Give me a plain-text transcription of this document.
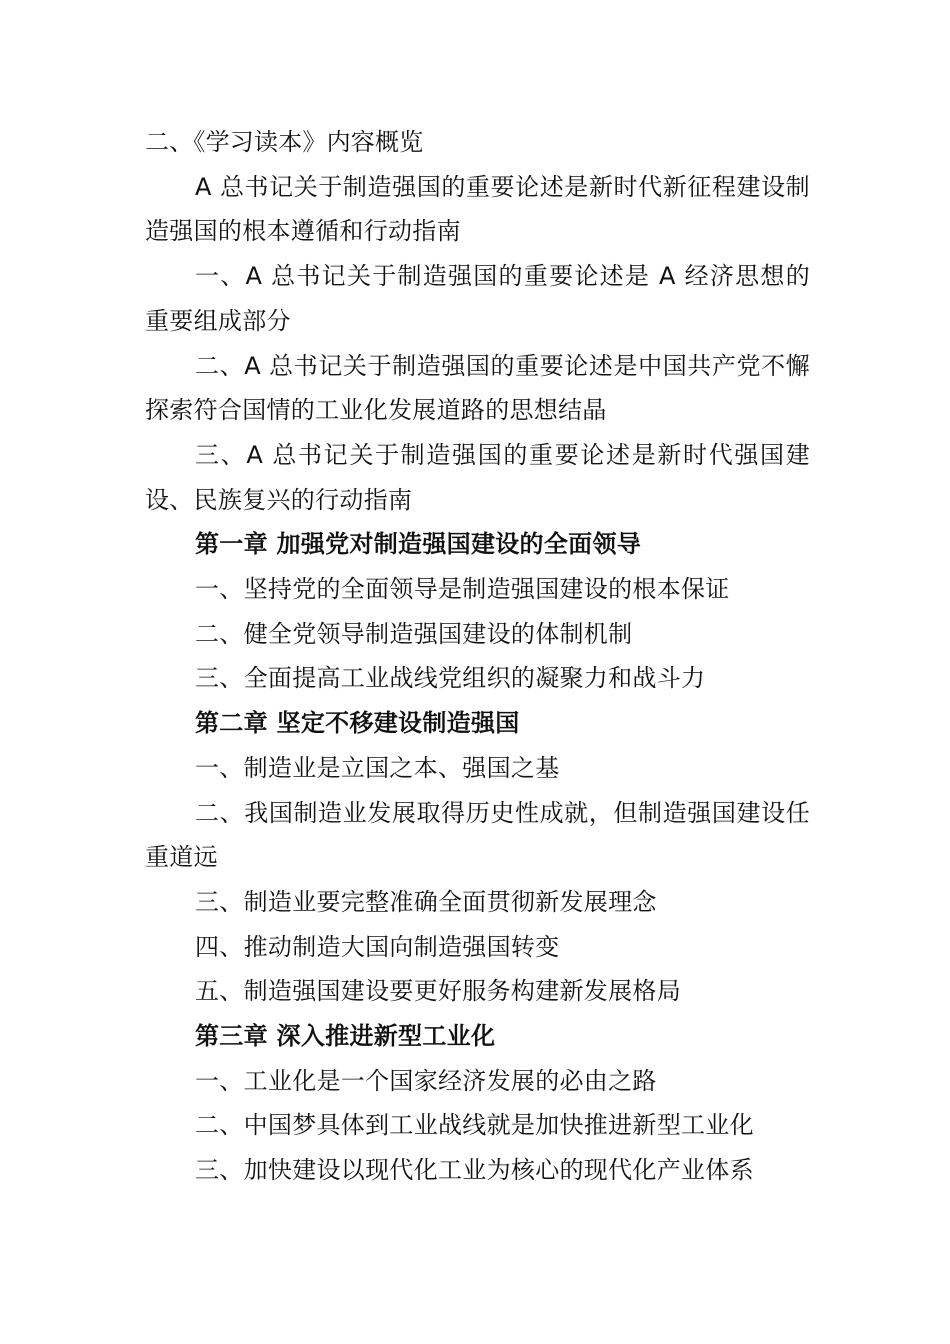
二、《学习读本》内容概览

A 总书记关于制造强国的重要论述是新时代新征程建设制造强国的根本遵循和行动指南

一、A 总书记关于制造强国的重要论述是 A 经济思想的重要组成部分

二、A 总书记关于制造强国的重要论述是中国共产党不懈探索符合国情的工业化发展道路的思想结晶

三、A 总书记关于制造强国的重要论述是新时代强国建设、民族复兴的行动指南

第一章 加强党对制造强国建设的全面领导

一、坚持党的全面领导是制造强国建设的根本保证

二、健全党领导制造强国建设的体制机制

三、全面提高工业战线党组织的凝聚力和战斗力

第二章 坚定不移建设制造强国

一、制造业是立国之本、强国之基

二、我国制造业发展取得历史性成就，但制造强国建设任重道远

三、制造业要完整准确全面贯彻新发展理念

四、推动制造大国向制造强国转变

五、制造强国建设要更好服务构建新发展格局

第三章 深入推进新型工业化

一、工业化是一个国家经济发展的必由之路

二、中国梦具体到工业战线就是加快推进新型工业化

三、加快建设以现代化工业为核心的现代化产业体系
